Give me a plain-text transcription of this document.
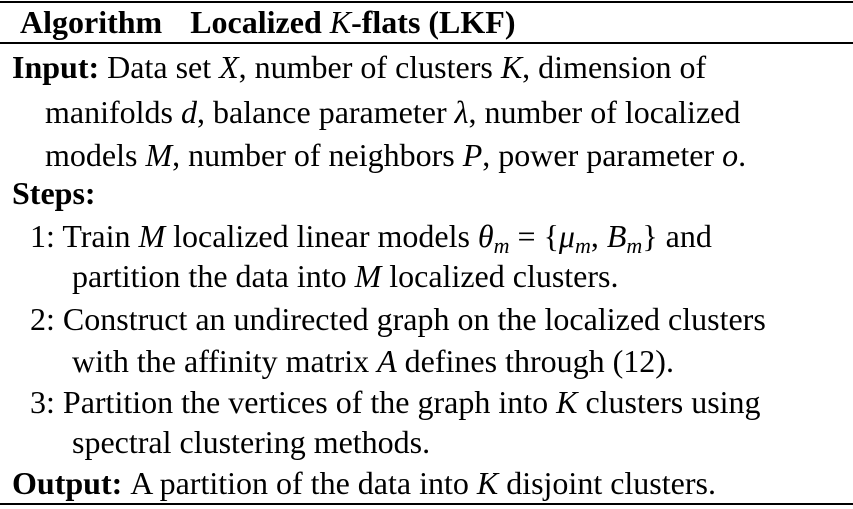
Algorithm Localized K-flats (LKF)
Input: Data set X, number of clusters K, dimension of
manifolds d, balance parameter λ, number of localized
models M, number of neighbors P, power parameter o.
Steps:
1: Train M localized linear models $\theta_m = \{\mu_m$, $B_m$} and
partition the data into M localized clusters.
2: Construct an undirected graph on the localized clusters
with the affinity matrix A defines through (12).
3: Partition the vertices of the graph into K clusters using
spectral clustering methods.
Output: A partition of the data into K disjoint clusters.
